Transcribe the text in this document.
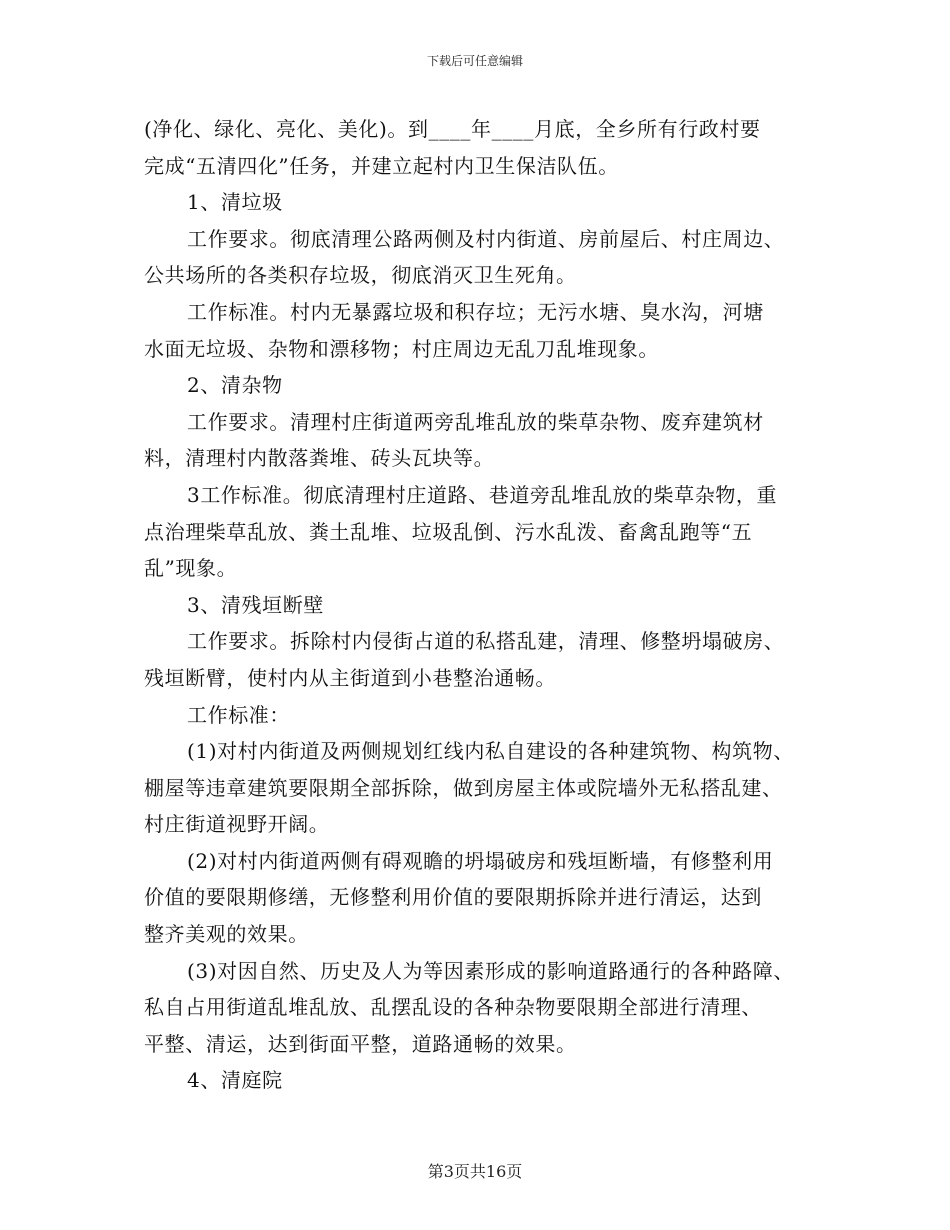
下载后可任意编辑
(净化、绿化、亮化、美化)。到____年____月底，全乡所有行政村要
完成“五清四化”任务，并建立起村内卫生保洁队伍。
1、清垃圾
工作要求。彻底清理公路两侧及村内街道、房前屋后、村庄周边、
公共场所的各类积存垃圾，彻底消灭卫生死角。
工作标准。村内无暴露垃圾和积存垃；无污水塘、臭水沟，河塘
水面无垃圾、杂物和漂移物；村庄周边无乱刀乱堆现象。
2、清杂物
工作要求。清理村庄街道两旁乱堆乱放的柴草杂物、废弃建筑材
料，清理村内散落粪堆、砖头瓦块等。
3工作标准。彻底清理村庄道路、巷道旁乱堆乱放的柴草杂物，重
点治理柴草乱放、粪土乱堆、垃圾乱倒、污水乱泼、畜禽乱跑等“五
乱”现象。
3、清残垣断壁
工作要求。拆除村内侵街占道的私搭乱建，清理、修整坍塌破房、
残垣断臂，使村内从主街道到小巷整治通畅。
工作标准：
(1)对村内街道及两侧规划红线内私自建设的各种建筑物、构筑物、
棚屋等违章建筑要限期全部拆除，做到房屋主体或院墙外无私搭乱建、
村庄街道视野开阔。
(2)对村内街道两侧有碍观瞻的坍塌破房和残垣断墙，有修整利用
价值的要限期修缮，无修整利用价值的要限期拆除并进行清运，达到
整齐美观的效果。
(3)对因自然、历史及人为等因素形成的影响道路通行的各种路障、
私自占用街道乱堆乱放、乱摆乱设的各种杂物要限期全部进行清理、
平整、清运，达到街面平整，道路通畅的效果。
4、清庭院
第3页共16页
